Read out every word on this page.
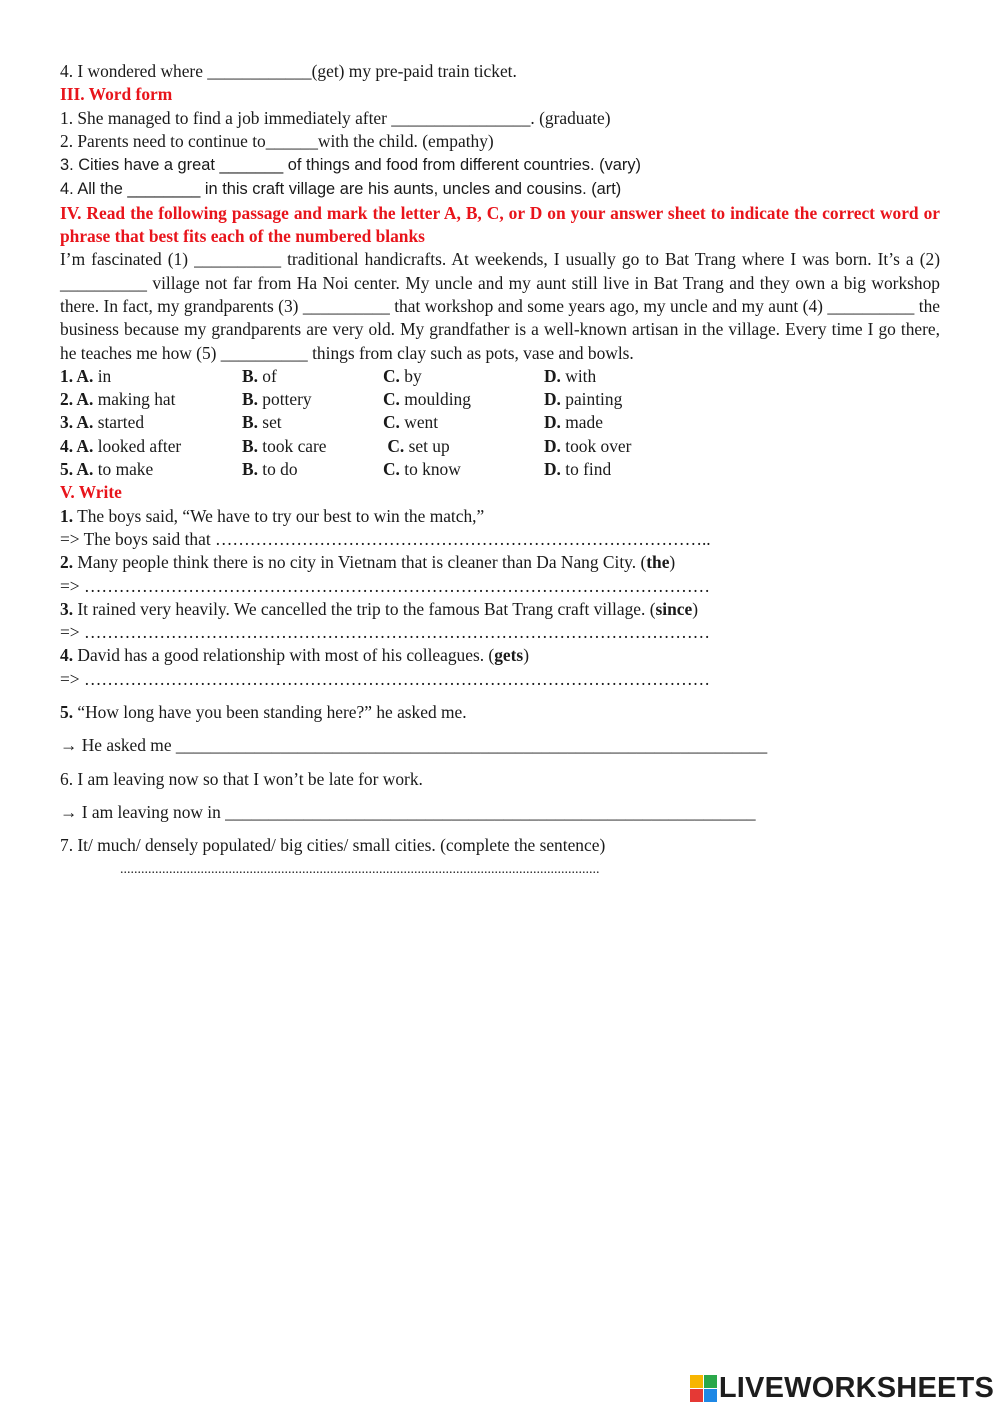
4. I wondered where ____________(get) my pre-paid train ticket.
III. Word form
1. She managed to find a job immediately after ________________. (graduate)
2. Parents need to continue to______with the child. (empathy)
3. Cities have a great _______ of things and food from different countries. (vary)
4. All the ________ in this craft village are his aunts, uncles and cousins. (art)
IV. Read the following passage and mark the letter A, B, C, or D on your answer sheet to indicate the correct word or phrase that best fits each of the numbered blanks
I’m fascinated (1) __________ traditional handicrafts. At weekends, I usually go to Bat Trang where I was born. It’s a (2) __________ village not far from Ha Noi center. My uncle and my aunt still live in Bat Trang and they own a big workshop there. In fact, my grandparents (3) __________ that workshop and some years ago, my uncle and my aunt (4) __________ the business because my grandparents are very old. My grandfather is a well-known artisan in the village. Every time I go there, he teaches me how (5) __________ things from clay such as pots, vase and bowls.
1. A. in	B. of	C. by	D. with
2. A. making hat	B. pottery	C. moulding	D. painting
3. A. started	B. set	C. went	D. made
4. A. looked after	B. took care	C. set up	D. took over
5. A. to make	B. to do	C. to know	D. to find
V. Write
1. The boys said, “We have to try our best to win the match,”
=> The boys said that …………………………………………………………………………..
2. Many people think there is no city in Vietnam that is cleaner than Da Nang City. (the)
=> ………………………………………………………………………………………………
3. It rained very heavily. We cancelled the trip to the famous Bat Trang craft village. (since)
=> ………………………………………………………………………………………………
4. David has a good relationship with most of his colleagues. (gets)
=> ………………………………………………………………………………………………
5. “How long have you been standing here?” he asked me.
→ He asked me ____________________________________________________________________
6. I am leaving now so that I won’t be late for work.
→ I am leaving now in _____________________________________________________________
7. It/ much/ densely populated/ big cities/ small cities. (complete the sentence)
.........................................................................................................................................
LIVEWORKSHEETS
